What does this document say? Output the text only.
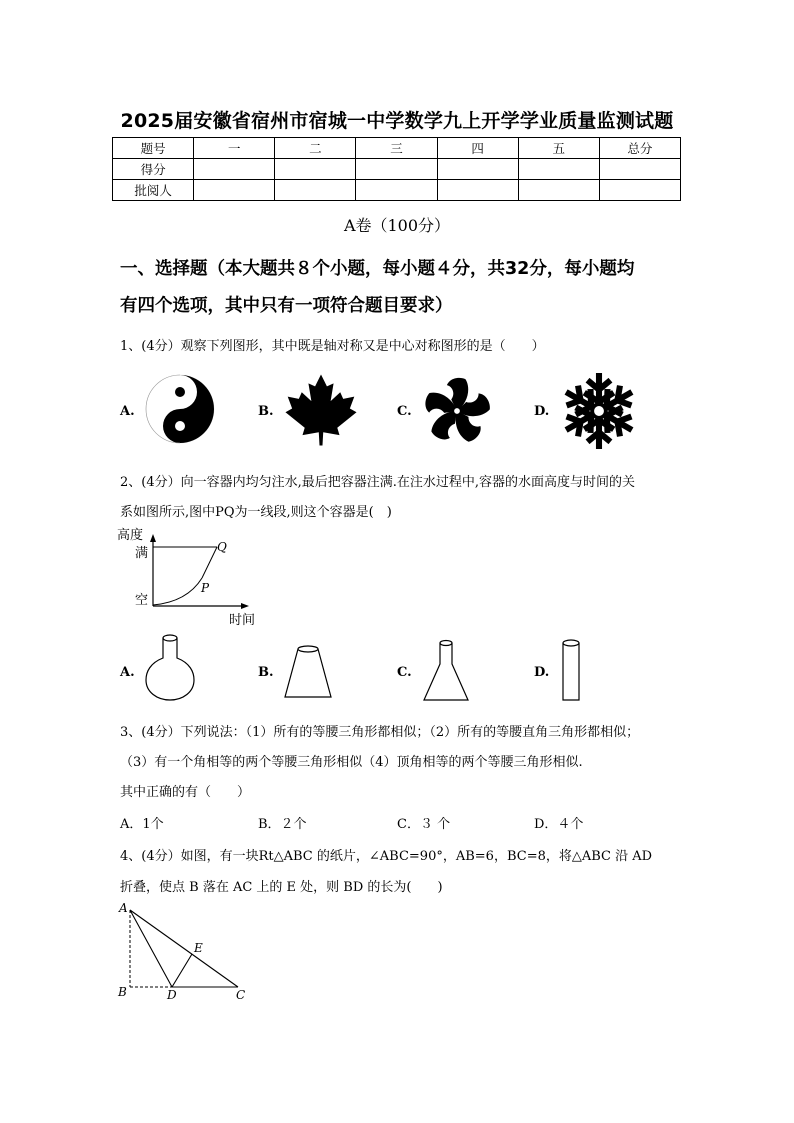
2025届安徽省宿州市宿城一中学数学九上开学学业质量监测试题
题号	一	二	三	四	五	总分
得分						
批阅人						
A卷（100分）
一、选择题（本大题共８个小题，每小题４分，共32分，每小题均
有四个选项，其中只有一项符合题目要求）
1、(4分）观察下列图形，其中既是轴对称又是中心对称图形的是（　　）
A.	B.	C.	D.
2、(4分）向一容器内均匀注水,最后把容器注满.在注水过程中,容器的水面高度与时间的关
系如图所示,图中PQ为一线段,则这个容器是(　)
高度
满
空
时间
P
Q
A.	B.	C.	D.
3、(4分）下列说法：（1）所有的等腰三角形都相似；（2）所有的等腰直角三角形都相似；
（3）有一个角相等的两个等腰三角形相似（4）顶角相等的两个等腰三角形相似.
其中正确的有（　　）
A．1个	B．２个	C．３ 个	D．４个
4、(4分）如图，有一块Rt△ABC 的纸片，∠ABC=90°，AB=6，BC=8，将△ABC 沿 AD
折叠，使点 B 落在 AC 上的 E 处，则 BD 的长为(　　)
A
B	D	C
E
